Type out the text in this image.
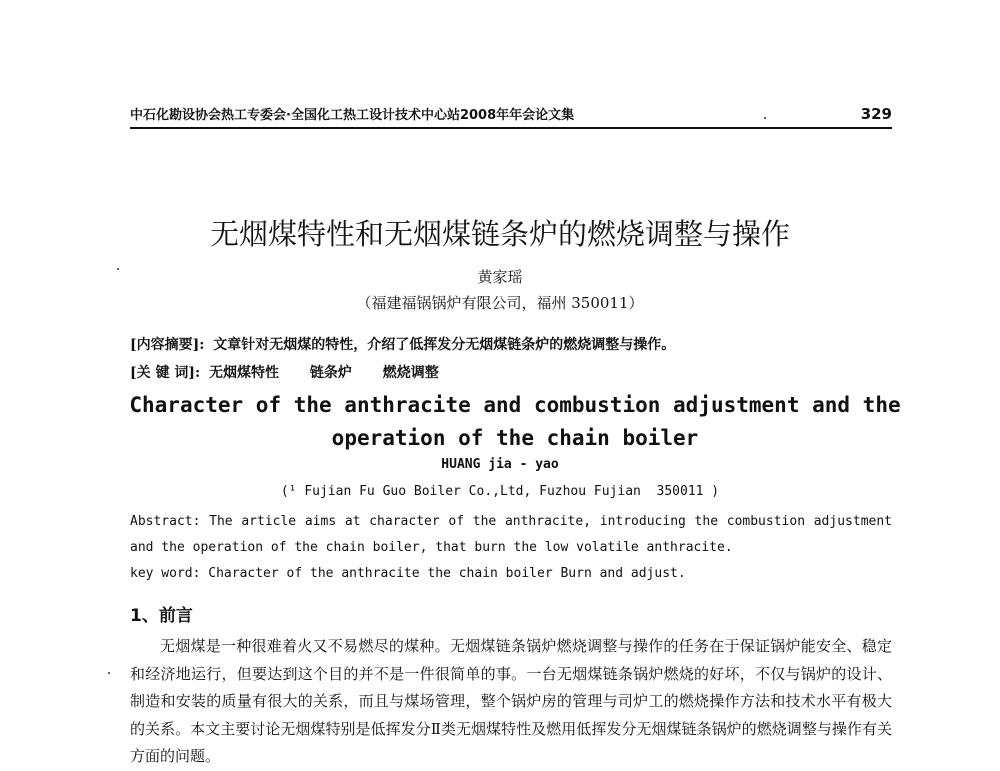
中石化勘设协会热工专委会·全国化工热工设计技术中心站2008年年会论文集	329
无烟煤特性和无烟煤链条炉的燃烧调整与操作
黄家瑶
（福建福锅锅炉有限公司，福州 350011）
[内容摘要]: 文章针对无烟煤的特性，介绍了低挥发分无烟煤链条炉的燃烧调整与操作。
[关 键 词]: 无烟煤特性 链条炉 燃烧调整
Character of the anthracite and combustion adjustment and the operation of the chain boiler
HUANG jia - yao
(¹ Fujian Fu Guo Boiler Co.,Ltd, Fuzhou Fujian  350011 )
Abstract: The article aims at character of the anthracite, introducing the combustion adjustment and the operation of the chain boiler, that burn the low volatile anthracite.
key word: Character of the anthracite the chain boiler Burn and adjust.
1、前言
无烟煤是一种很难着火又不易燃尽的煤种。无烟煤链条锅炉燃烧调整与操作的任务在于保证锅炉能安全、稳定和经济地运行，但要达到这个目的并不是一件很简单的事。一台无烟煤链条锅炉燃烧的好坏，不仅与锅炉的设计、制造和安装的质量有很大的关系，而且与煤场管理，整个锅炉房的管理与司炉工的燃烧操作方法和技术水平有极大的关系。本文主要讨论无烟煤特别是低挥发分Ⅱ类无烟煤特性及燃用低挥发分无烟煤链条锅炉的燃烧调整与操作有关方面的问题。
